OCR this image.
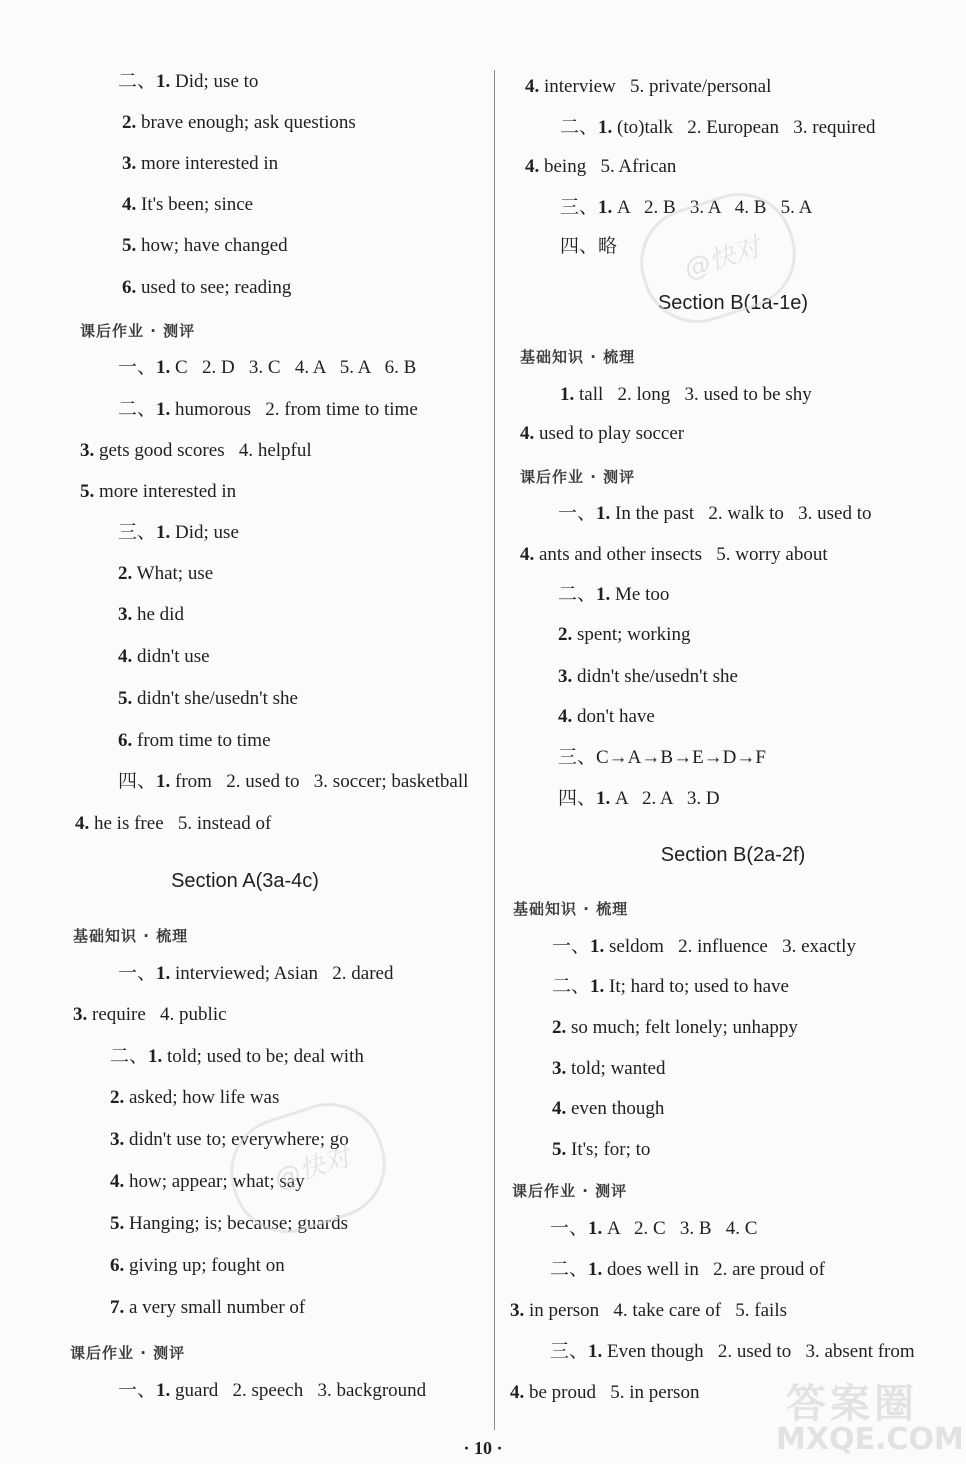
二、1. Did; use to
2. brave enough; ask questions
3. more interested in
4. It's been; since
5. how; have changed
6. used to see; reading
课后作业 · 测评
一、1. C   2. D   3. C   4. A   5. A   6. B
二、1. humorous   2. from time to time
3. gets good scores   4. helpful
5. more interested in
三、1. Did; use
2. What; use
3. he did
4. didn't use
5. didn't she/usedn't she
6. from time to time
四、1. from   2. used to   3. soccer; basketball
4. he is free   5. instead of
Section A(3a-4c)
基础知识 · 梳理
一、1. interviewed; Asian   2. dared
3. require   4. public
二、1. told; used to be; deal with
2. asked; how life was
3. didn't use to; everywhere; go
4. how; appear; what; say
5. Hanging; is; because; guards
6. giving up; fought on
7. a very small number of
课后作业 · 测评
一、1. guard   2. speech   3. background
4. interview   5. private/personal
二、1. (to)talk   2. European   3. required
4. being   5. African
三、1. A   2. B   3. A   4. B   5. A
四、略
Section B(1a-1e)
基础知识 · 梳理
1. tall   2. long   3. used to be shy
4. used to play soccer
课后作业 · 测评
一、1. In the past   2. walk to   3. used to
4. ants and other insects   5. worry about
二、1. Me too
2. spent; working
3. didn't she/usedn't she
4. don't have
三、C→A→B→E→D→F
四、1. A   2. A   3. D
Section B(2a-2f)
基础知识 · 梳理
一、1. seldom   2. influence   3. exactly
二、1. It; hard to; used to have
2. so much; felt lonely; unhappy
3. told; wanted
4. even though
5. It's; for; to
课后作业 · 测评
一、1. A   2. C   3. B   4. C
二、1. does well in   2. are proud of
3. in person   4. take care of   5. fails
三、1. Even though   2. used to   3. absent from
4. be proud   5. in person
@快对
@快对
答案圈
MXQE.COM
· 10 ·
